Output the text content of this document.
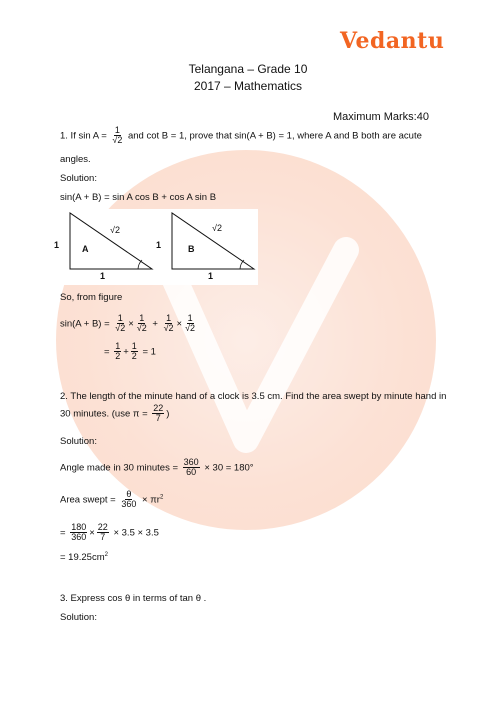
Vedantu
Telangana – Grade 10
2017 – Mathematics
Maximum Marks:40
1. If $\sin A = \frac{1}{√2}$ and cot B = 1, prove that sin(A + B) = 1, where A and B both are acute
angles.
Solution:
sin(A + B) = sin A cos B + cos A sin B
√2
1	A
1
√2
1	B
1
So, from figure
$\sin(A + B) = \frac{1}{√2} \times \frac{1}{√2} + \frac{1}{√2} \times \frac{1}{√2}$
= $\frac{1}{2} + \frac{1}{2} = 1$
2. The length of the minute hand of a clock is 3.5 cm. Find the area swept by minute hand in
30 minutes. (use $\pi = \frac{22}{7}$ )
Solution:
Angle made in 30 minutes = $\frac{360}{60} \times 30 = 180^\circ$
Area swept = $\frac{\theta}{360} \times \pi r^2$
= $\frac{180}{360} \times \frac{22}{7} \times 3.5 \times 3.5$
= $19.25cm^2$
3. Express cos θ in terms of tan θ .
Solution:
